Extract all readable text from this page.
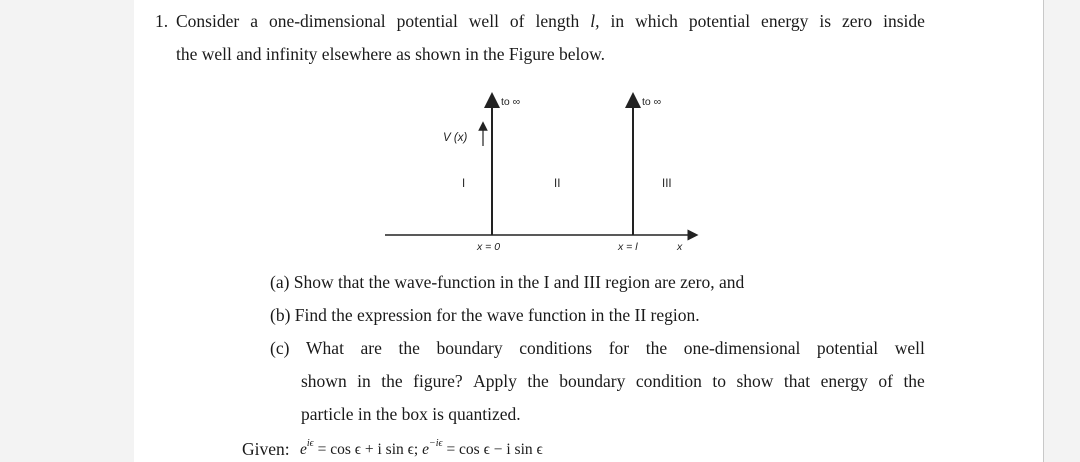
1. Consider a one-dimensional potential well of length l, in which potential energy is zero inside
the well and infinity elsewhere as shown in the Figure below.
to ∞	to ∞
V (x)
I	II	III
x = 0	x = l	x
(a) Show that the wave-function in the I and III region are zero, and
(b) Find the expression for the wave function in the II region.
(c) What are the boundary conditions for the one-dimensional potential well
shown in the figure? Apply the boundary condition to show that energy of the
particle in the box is quantized.
Given: $e^{i\epsilon} = \cos \epsilon + i$ sin ϵ; $e^{-i\epsilon} = \cos \epsilon - i$ sin ϵ
